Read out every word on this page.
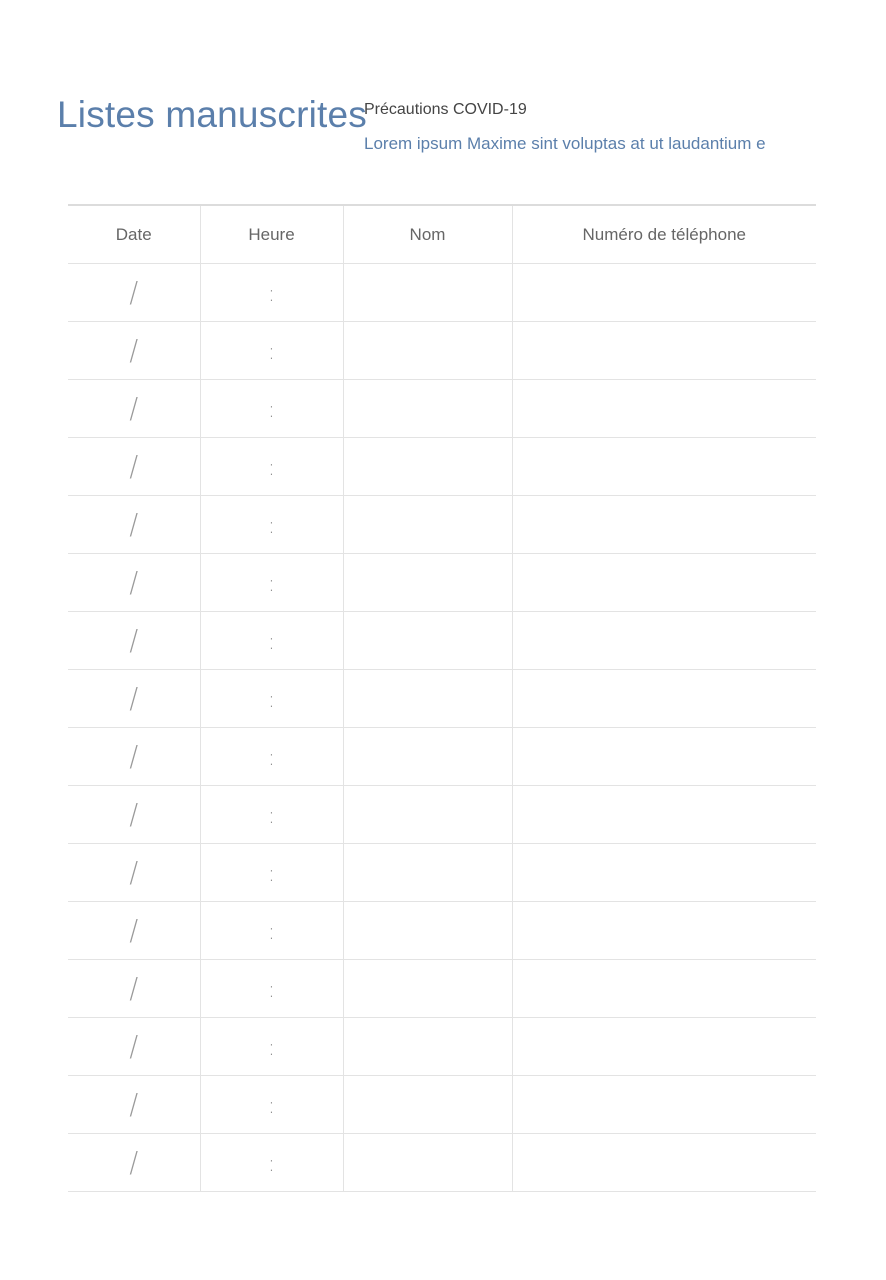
Listes manuscrites
Précautions COVID-19
Lorem ipsum Maxime sint voluptas at ut laudantium e
Date	Heure	Nom	Numéro de téléphone
/	:		
/	:		
/	:		
/	:		
/	:		
/	:		
/	:		
/	:		
/	:		
/	:		
/	:		
/	:		
/	:		
/	:		
/	:		
/	:		
